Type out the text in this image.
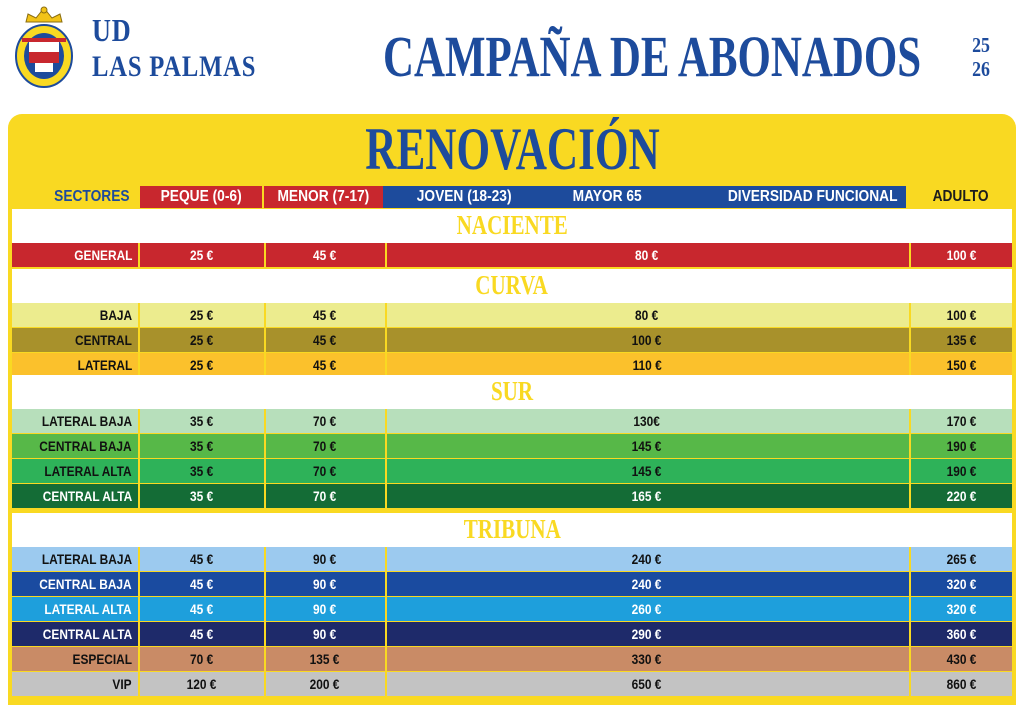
UD
LAS PALMAS CAMPAÑA DE ABONADOS 25
26
RENOVACIÓN
SECTORES	PEQUE (0-6)	MENOR (7-17)	JOVEN (18-23)	MAYOR 65	DIVERSIDAD FUNCIONAL	ADULTO
NACIENTE
GENERAL	25 €	45 €	80 €	100 €
CURVA
BAJA	25 €	45 €	80 €	100 €
CENTRAL	25 €	45 €	100 €	135 €
LATERAL	25 €	45 €	110 €	150 €
SUR
LATERAL BAJA	35 €	70 €	130€	170 €
CENTRAL BAJA	35 €	70 €	145 €	190 €
LATERAL ALTA	35 €	70 €	145 €	190 €
CENTRAL ALTA	35 €	70 €	165 €	220 €
TRIBUNA
LATERAL BAJA	45 €	90 €	240 €	265 €
CENTRAL BAJA	45 €	90 €	240 €	320 €
LATERAL ALTA	45 €	90 €	260 €	320 €
CENTRAL ALTA	45 €	90 €	290 €	360 €
ESPECIAL	70 €	135 €	330 €	430 €
VIP	120 €	200 €	650 €	860 €
